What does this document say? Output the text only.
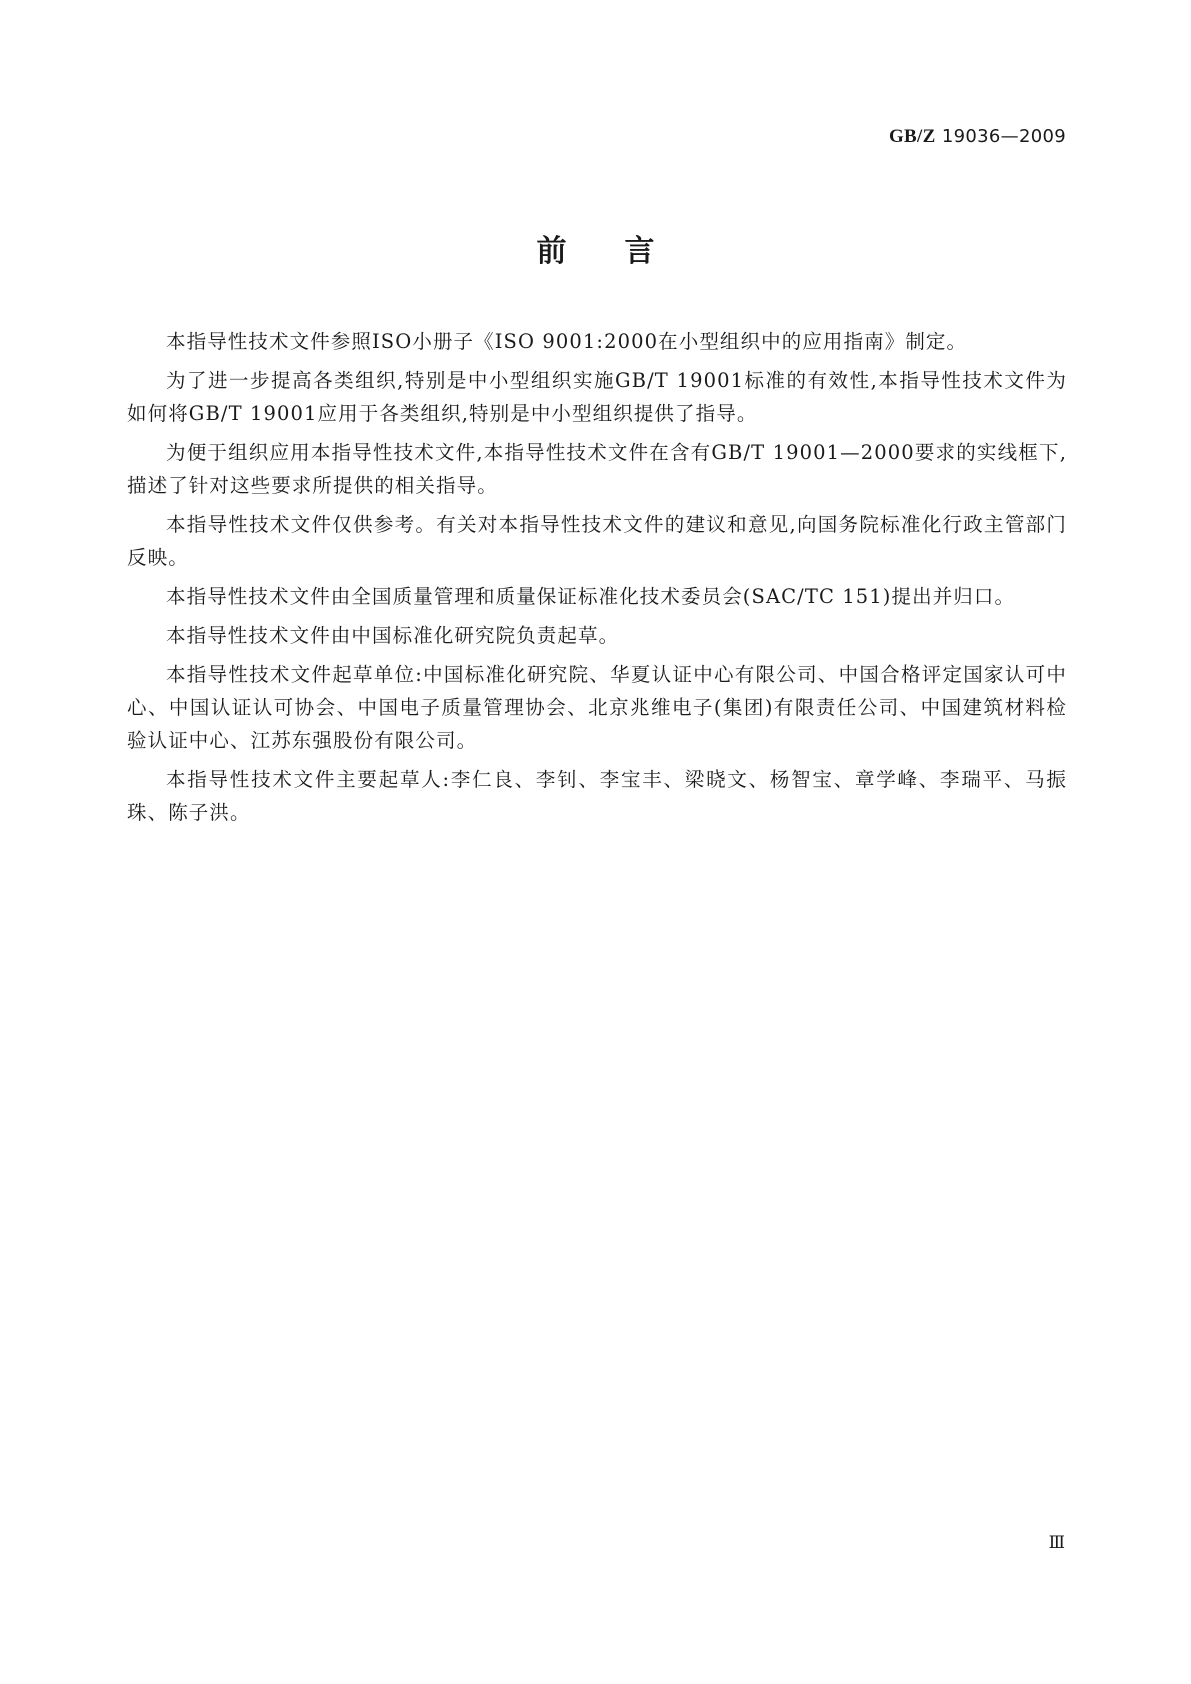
GB/Z 19036—2009
前 言

本指导性技术文件参照ISO小册子《ISO 9001:2000在小型组织中的应用指南》制定。

为了进一步提高各类组织,特别是中小型组织实施GB/T 19001标准的有效性,本指导性技术文件为如何将GB/T 19001应用于各类组织,特别是中小型组织提供了指导。

为便于组织应用本指导性技术文件,本指导性技术文件在含有GB/T 19001—2000要求的实线框下,描述了针对这些要求所提供的相关指导。

本指导性技术文件仅供参考。有关对本指导性技术文件的建议和意见,向国务院标准化行政主管部门反映。

本指导性技术文件由全国质量管理和质量保证标准化技术委员会(SAC/TC 151)提出并归口。

本指导性技术文件由中国标准化研究院负责起草。

本指导性技术文件起草单位:中国标准化研究院、华夏认证中心有限公司、中国合格评定国家认可中心、中国认证认可协会、中国电子质量管理协会、北京兆维电子(集团)有限责任公司、中国建筑材料检验认证中心、江苏东强股份有限公司。

本指导性技术文件主要起草人:李仁良、李钊、李宝丰、梁晓文、杨智宝、章学峰、李瑞平、马振珠、陈子洪。

Ⅲ
